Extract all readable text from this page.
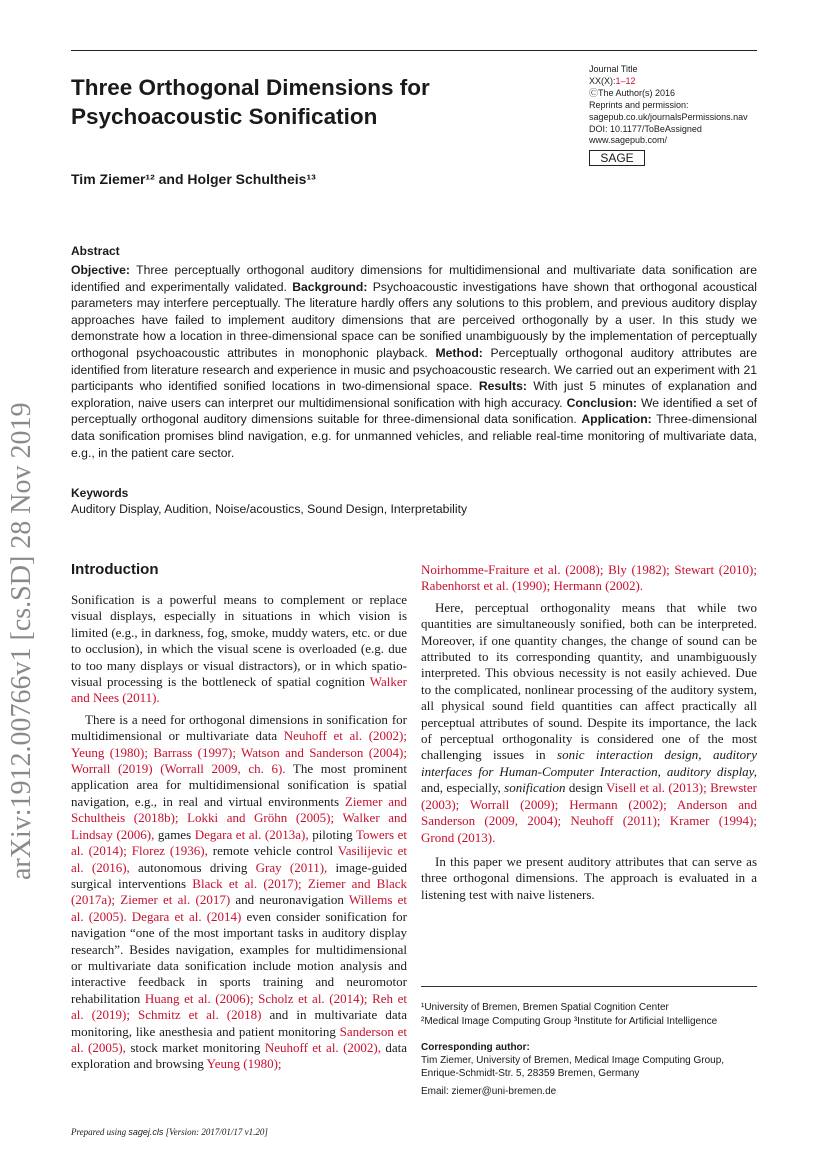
Three Orthogonal Dimensions for Psychoacoustic Sonification
Journal Title
XX(X):1–12
ⒸThe Author(s) 2016
Reprints and permission:
sagepub.co.uk/journalsPermissions.nav
DOI: 10.1177/ToBeAssigned
www.sagepub.com/
SAGE
Tim Ziemer¹² and Holger Schultheis¹³
Abstract
Objective: Three perceptually orthogonal auditory dimensions for multidimensional and multivariate data sonification are identified and experimentally validated. Background: Psychoacoustic investigations have shown that orthogonal acoustical parameters may interfere perceptually. The literature hardly offers any solutions to this problem, and previous auditory display approaches have failed to implement auditory dimensions that are perceived orthogonally by a user. In this study we demonstrate how a location in three-dimensional space can be sonified unambiguously by the implementation of perceptually orthogonal psychoacoustic attributes in monophonic playback. Method: Perceptually orthogonal auditory attributes are identified from literature research and experience in music and psychoacoustic research. We carried out an experiment with 21 participants who identified sonified locations in two-dimensional space. Results: With just 5 minutes of explanation and exploration, naive users can interpret our multidimensional sonification with high accuracy. Conclusion: We identified a set of perceptually orthogonal auditory dimensions suitable for three-dimensional data sonification. Application: Three-dimensional data sonification promises blind navigation, e.g. for unmanned vehicles, and reliable real-time monitoring of multivariate data, e.g., in the patient care sector.
Keywords
Auditory Display, Audition, Noise/acoustics, Sound Design, Interpretability
arXiv:1912.00766v1 [cs.SD] 28 Nov 2019 Introduction

Sonification is a powerful means to complement or replace visual displays, especially in situations in which vision is limited (e.g., in darkness, fog, smoke, muddy waters, etc. or due to occlusion), in which the visual scene is overloaded (e.g. due to too many displays or visual distractors), or in which spatio-visual processing is the bottleneck of spatial cognition Walker and Nees (2011).

There is a need for orthogonal dimensions in sonification for multidimensional or multivariate data Neuhoff et al. (2002); Yeung (1980); Barrass (1997); Watson and Sanderson (2004); Worrall (2019) (Worrall 2009, ch. 6). The most prominent application area for multidimensional sonification is spatial navigation, e.g., in real and virtual environments Ziemer and Schultheis (2018b); Lokki and Gröhn (2005); Walker and Lindsay (2006), games Degara et al. (2013a), piloting Towers et al. (2014); Florez (1936), remote vehicle control Vasilijevic et al. (2016), autonomous driving Gray (2011), image-guided surgical interventions Black et al. (2017); Ziemer and Black (2017a); Ziemer et al. (2017) and neuronavigation Willems et al. (2005). Degara et al. (2014) even consider sonification for navigation “one of the most important tasks in auditory display research”. Besides navigation, examples for multidimensional or multivariate data sonification include motion analysis and interactive feedback in sports training and neuromotor rehabilitation Huang et al. (2006); Scholz et al. (2014); Reh et al. (2019); Schmitz et al. (2018) and in multivariate data monitoring, like anesthesia and patient monitoring Sanderson et al. (2005), stock market monitoring Neuhoff et al. (2002), data exploration and browsing Yeung (1980);

Noirhomme-Fraiture et al. (2008); Bly (1982); Stewart (2010); Rabenhorst et al. (1990); Hermann (2002).

Here, perceptual orthogonality means that while two quantities are simultaneously sonified, both can be interpreted. Moreover, if one quantity changes, the change of sound can be attributed to its corresponding quantity, and unambiguously interpreted. This obvious necessity is not easily achieved. Due to the complicated, nonlinear processing of the auditory system, all physical sound field quantities can affect practically all perceptual attributes of sound. Despite its importance, the lack of perceptual orthogonality is considered one of the most challenging issues in sonic interaction design, auditory interfaces for Human-Computer Interaction, auditory display, and, especially, sonification design Visell et al. (2013); Brewster (2003); Worrall (2009); Hermann (2002); Anderson and Sanderson (2009, 2004); Neuhoff (2011); Kramer (1994); Grond (2013).

In this paper we present auditory attributes that can serve as three orthogonal dimensions. The approach is evaluated in a listening test with naive listeners.

¹University of Bremen, Bremen Spatial Cognition Center
²Medical Image Computing Group ³Institute for Artificial Intelligence
Corresponding author:
Tim Ziemer, University of Bremen, Medical Image Computing Group,
Enrique-Schmidt-Str. 5, 28359 Bremen, Germany
Email: ziemer@uni-bremen.de
Prepared using sagej.cls [Version: 2017/01/17 v1.20]
